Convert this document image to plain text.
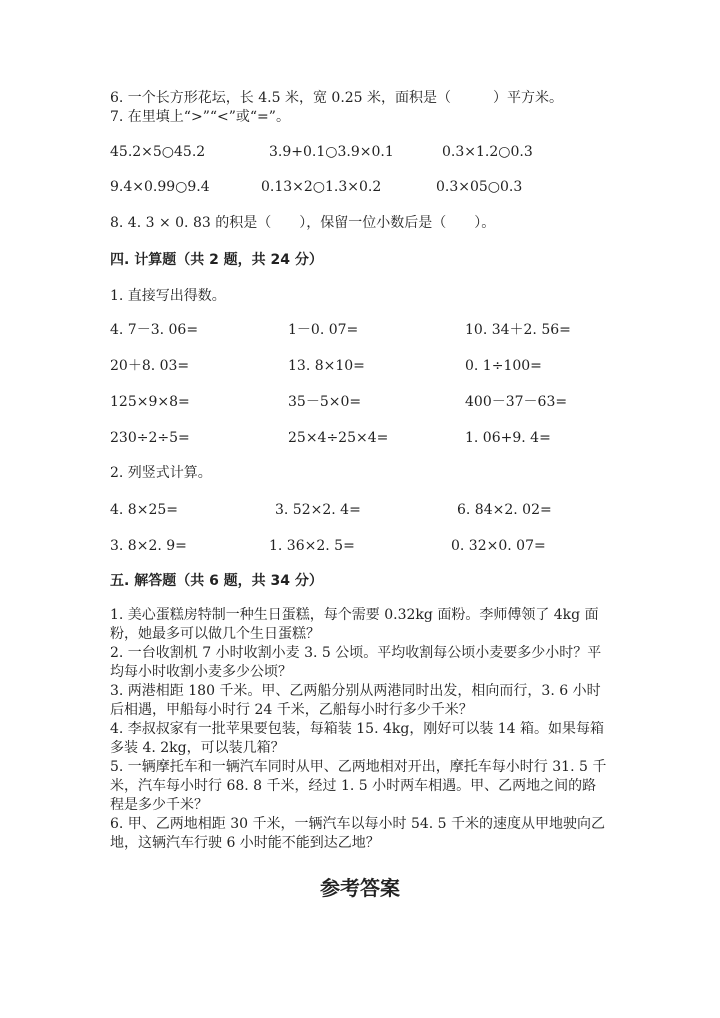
6. 一个长方形花坛，长 4.5 米，宽 0.25 米，面积是（　　　）平方米。
7. 在里填上“>”“<”或“=”。
45.2×5○45.2	3.9+0.1○3.9×0.1	0.3×1.2○0.3
9.4×0.99○9.4	0.13×2○1.3×0.2	0.3×05○0.3
8. 4. 3 × 0. 83 的积是（　　），保留一位小数后是（　　）。
四. 计算题（共 2 题，共 24 分）
1. 直接写出得数。
4. 7－3. 06=	1－0. 07=	10. 34＋2. 56=
20＋8. 03=	13. 8×10=	0. 1÷100=
125×9×8=	35－5×0=	400－37－63=
230÷2÷5=	25×4÷25×4=	1. 06+9. 4=
2. 列竖式计算。
4. 8×25=	3. 52×2. 4=	6. 84×2. 02=
3. 8×2. 9=	1. 36×2. 5=	0. 32×0. 07=
五. 解答题（共 6 题，共 34 分）

1. 美心蛋糕房特制一种生日蛋糕，每个需要 0.32kg 面粉。李师傅领了 4kg 面粉，她最多可以做几个生日蛋糕？

2. 一台收割机 7 小时收割小麦 3. 5 公顷。平均收割每公顷小麦要多少小时？平均每小时收割小麦多少公顷？

3. 两港相距 180 千米。甲、乙两船分别从两港同时出发，相向而行，3. 6 小时后相遇，甲船每小时行 24 千米，乙船每小时行多少千米？

4. 李叔叔家有一批苹果要包装，每箱装 15. 4kg，刚好可以装 14 箱。如果每箱多装 4. 2kg，可以装几箱？

5. 一辆摩托车和一辆汽车同时从甲、乙两地相对开出，摩托车每小时行 31. 5 千米，汽车每小时行 68. 8 千米，经过 1. 5 小时两车相遇。甲、乙两地之间的路程是多少千米？

6. 甲、乙两地相距 30 千米，一辆汽车以每小时 54. 5 千米的速度从甲地驶向乙地，这辆汽车行驶 6 小时能不能到达乙地？

参考答案
